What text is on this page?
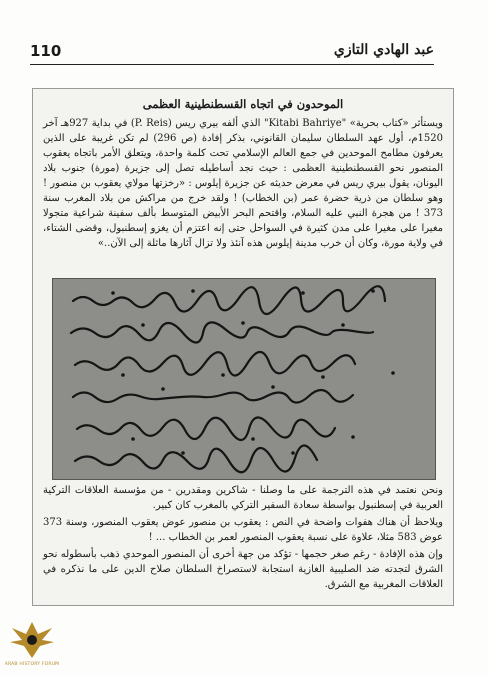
110	عبد الهادي التازي
الموحدون في اتجاه القسطنطينية العظمى

ويستأثر «كتاب بحرية» "Kitabi Bahriye" الذي ألفه بيري ريس (P. Reis) في بداية 927هـ آخر 1520م، أول عهد السلطان سليمان القانوني، بذكر إفادة (ص 296) لم تكن غريبة على الذين يعرفون مطامح الموحدين في جمع العالم الإسلامي تحت كلمة واحدة، ويتعلق الأمر باتجاه يعقوب المنصور نحو القسطنطينية العظمى : حيث نجد أساطيله تصل إلى جزيرة (مورة) جنوب بلاد اليونان، يقول بيري ريس في معرض حديثه عن جزيرة إيلوس : «رخزتها مولاي يعقوب بن منصور ! وهو سلطان من ذرية حضرة عمر (بن الخطاب) ! ولقد خرج من مراكش من بلاد المغرب سنة 373 ! من هجرة النبي عليه السلام، واقتحم البحر الأبيض المتوسط بألف سفينة شراعية متجولا مغيرا على مغيرا على مدن كثيرة في السواحل حتى إنه اعتزم أن يغزو إسطنبول، وقضى الشتاء، في ولاية مورة، وكان أن خرب مدينة إيلوس هذه آنئذ ولا تزال آثارها ماثلة إلى الآن..»

ونحن نعتمد في هذه الترجمة على ما وصلنا - شاكرين ومقدرين - من مؤسسة العلاقات التركية العربية في إسطنبول بواسطة سعادة السفير التركي بالمغرب كان كبير.

ويلاحظ أن هناك هفوات واضحة في النص : يعقوب بن منصور عوض يعقوب المنصور، وسنة 373 عوض 583 مثلا، علاوة على نسبة يعقوب المنصور لعمر بن الخطاب ... !

وإن هذه الإفادة - رغم صغر حجمها - تؤكد من جهة أخرى أن المنصور الموحدي ذهب بأسطوله نحو الشرق لتجدته ضد الصليبية الغازية استجابة لاستصراخ السلطان صلاح الدين على ما نذكره في العلاقات المغربية مع الشرق.

ARAB HISTORY FORUM
